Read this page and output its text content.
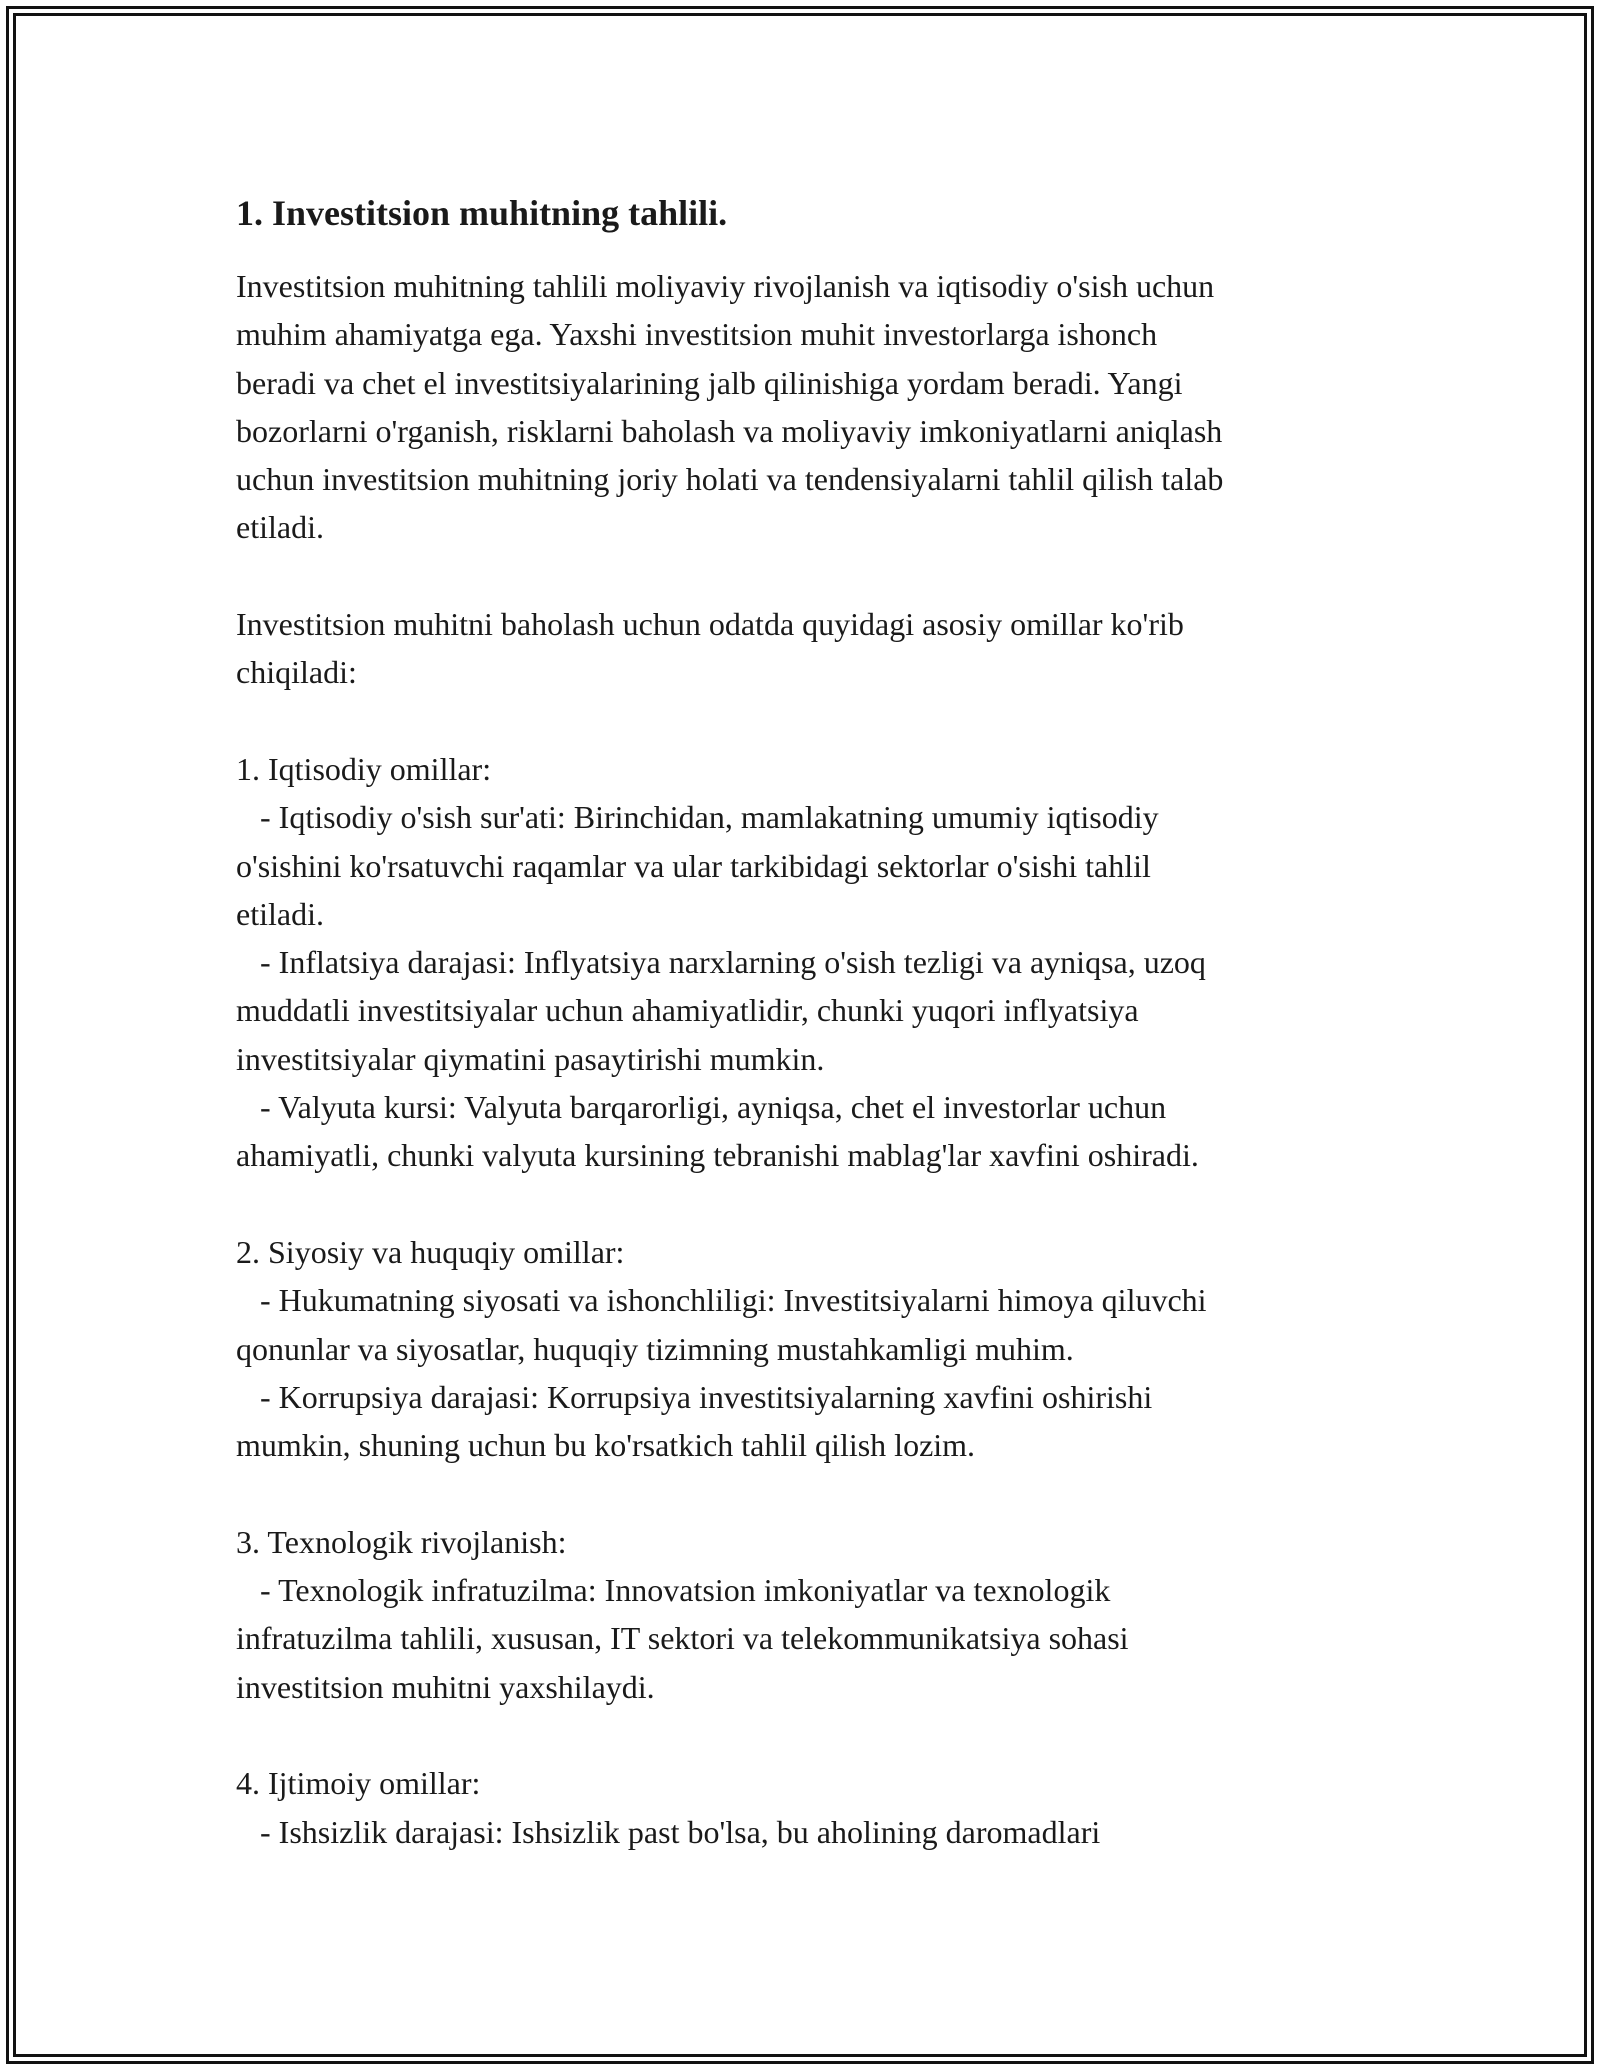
1. Investitsion muhitning tahlili.

Investitsion muhitning tahlili moliyaviy rivojlanish va iqtisodiy o'sish uchun
muhim ahamiyatga ega. Yaxshi investitsion muhit investorlarga ishonch
beradi va chet el investitsiyalarining jalb qilinishiga yordam beradi. Yangi
bozorlarni o'rganish, risklarni baholash va moliyaviy imkoniyatlarni aniqlash
uchun investitsion muhitning joriy holati va tendensiyalarni tahlil qilish talab
etiladi.

Investitsion muhitni baholash uchun odatda quyidagi asosiy omillar ko'rib
chiqiladi:

1. Iqtisodiy omillar:
- Iqtisodiy o'sish sur'ati: Birinchidan, mamlakatning umumiy iqtisodiy
o'sishini ko'rsatuvchi raqamlar va ular tarkibidagi sektorlar o'sishi tahlil
etiladi.
- Inflatsiya darajasi: Inflyatsiya narxlarning o'sish tezligi va ayniqsa, uzoq
muddatli investitsiyalar uchun ahamiyatlidir, chunki yuqori inflyatsiya
investitsiyalar qiymatini pasaytirishi mumkin.
- Valyuta kursi: Valyuta barqarorligi, ayniqsa, chet el investorlar uchun
ahamiyatli, chunki valyuta kursining tebranishi mablag'lar xavfini oshiradi.

2. Siyosiy va huquqiy omillar:
- Hukumatning siyosati va ishonchliligi: Investitsiyalarni himoya qiluvchi
qonunlar va siyosatlar, huquqiy tizimning mustahkamligi muhim.
- Korrupsiya darajasi: Korrupsiya investitsiyalarning xavfini oshirishi
mumkin, shuning uchun bu ko'rsatkich tahlil qilish lozim.

3. Texnologik rivojlanish:
- Texnologik infratuzilma: Innovatsion imkoniyatlar va texnologik
infratuzilma tahlili, xususan, IT sektori va telekommunikatsiya sohasi
investitsion muhitni yaxshilaydi.

4. Ijtimoiy omillar:
- Ishsizlik darajasi: Ishsizlik past bo'lsa, bu aholining daromadlari
